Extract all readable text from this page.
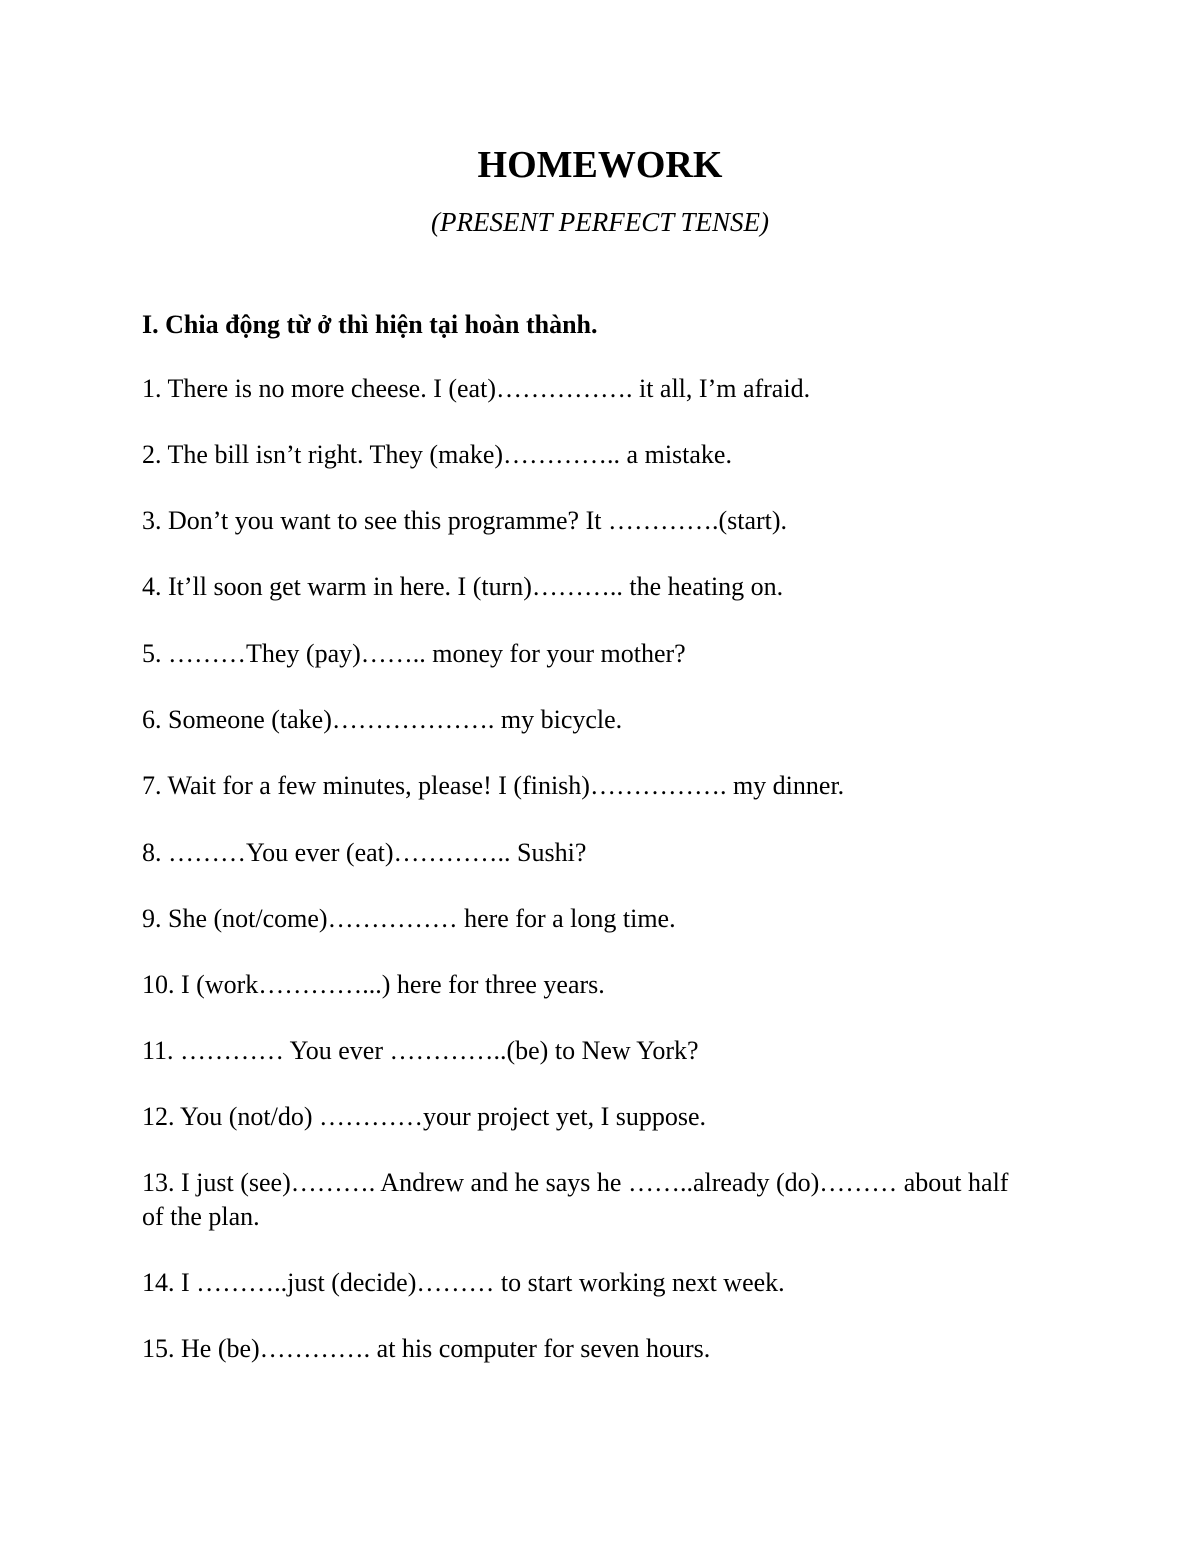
HOMEWORK
(PRESENT PERFECT TENSE)
I. Chia động từ ở thì hiện tại hoàn thành.
1. There is no more cheese. I (eat)……………. it all, I’m afraid.
2. The bill isn’t right. They (make)………….. a mistake.
3. Don’t you want to see this programme? It ………….(start).
4. It’ll soon get warm in here. I (turn)……….. the heating on.
5. ………They (pay)…….. money for your mother?
6. Someone (take)………………. my bicycle.
7. Wait for a few minutes, please! I (finish)……………. my dinner.
8. ………You ever (eat)………….. Sushi?
9. She (not/come)…………… here for a long time.
10. I (work…………...) here for three years.
11. ………… You ever …………..(be) to New York?
12. You (not/do) …………your project yet, I suppose.
13. I just (see)………. Andrew and he says he ……..already (do)……… about half of the plan.
14. I ………..just (decide)……… to start working next week.
15. He (be)…………. at his computer for seven hours.
